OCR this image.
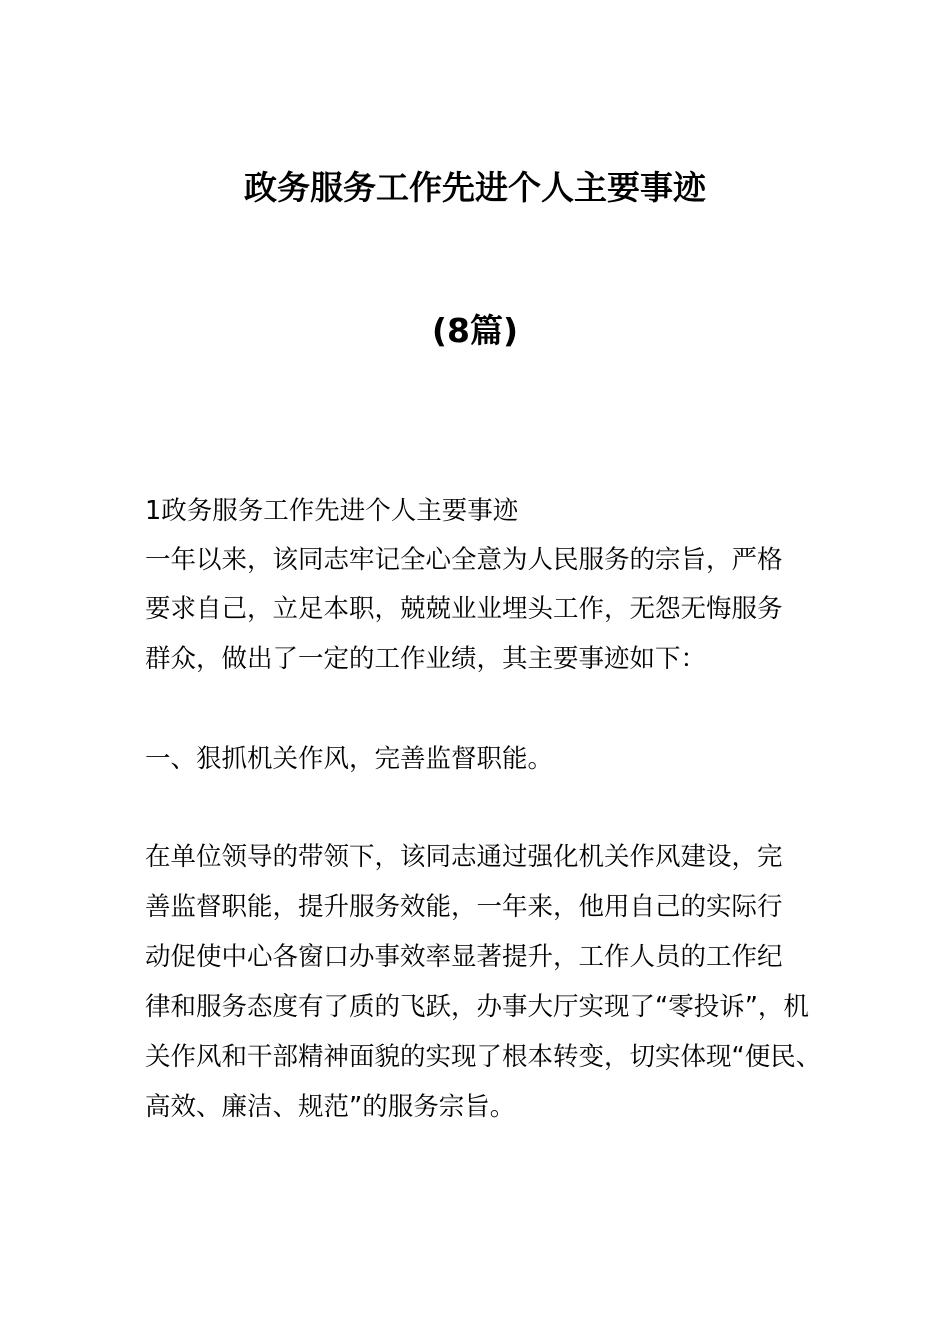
政务服务工作先进个人主要事迹
(8篇)
1政务服务工作先进个人主要事迹
一年以来，该同志牢记全心全意为人民服务的宗旨，严格
要求自己，立足本职，兢兢业业埋头工作，无怨无悔服务
群众，做出了一定的工作业绩，其主要事迹如下：
一、狠抓机关作风，完善监督职能。
在单位领导的带领下，该同志通过强化机关作风建设，完
善监督职能，提升服务效能，一年来，他用自己的实际行
动促使中心各窗口办事效率显著提升，工作人员的工作纪
律和服务态度有了质的飞跃，办事大厅实现了“零投诉”，机
关作风和干部精神面貌的实现了根本转变，切实体现“便民、
高效、廉洁、规范”的服务宗旨。
